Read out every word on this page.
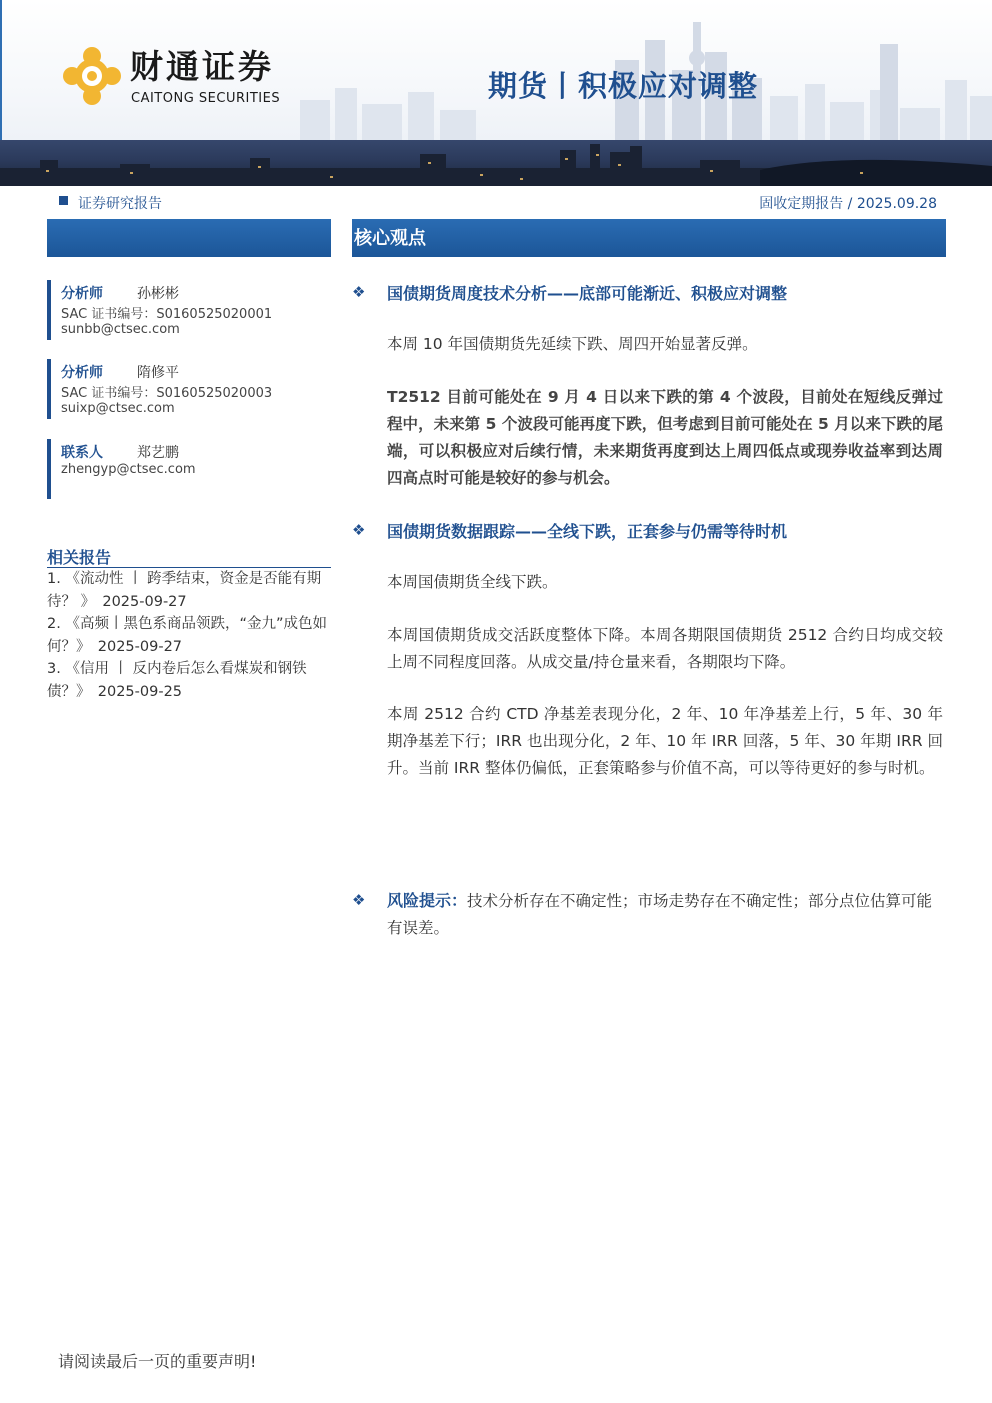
财通证券
CAITONG SECURITIES	期货丨积极应对调整
证券研究报告	固收定期报告 / 2025.09.28
分析师 孙彬彬
SAC 证书编号：S0160525020001
sunbb@ctsec.com
分析师 隋修平
SAC 证书编号：S0160525020003
suixp@ctsec.com
联系人 郑艺鹏
zhengyp@ctsec.com
相关报告

1. 《流动性 丨 跨季结束，资金是否能有期待？ 》　2025-09-27

2. 《高频丨黑色系商品领跌，“金九”成色如何？》　2025-09-27

3. 《信用 丨 反内卷后怎么看煤炭和钢铁债？》　2025-09-25

核心观点
❖ 国债期货周度技术分析——底部可能渐近、积极应对调整
本周 10 年国债期货先延续下跌、周四开始显著反弹。
T2512 目前可能处在 9 月 4 日以来下跌的第 4 个波段，目前处在短线反弹过程中，未来第 5 个波段可能再度下跌，但考虑到目前可能处在 5 月以来下跌的尾端，可以积极应对后续行情，未来期货再度到达上周四低点或现券收益率到达周四高点时可能是较好的参与机会。
❖ 国债期货数据跟踪——全线下跌，正套参与仍需等待时机
本周国债期货全线下跌。
本周国债期货成交活跃度整体下降。本周各期限国债期货 2512 合约日均成交较上周不同程度回落。从成交量/持仓量来看，各期限均下降。
本周 2512 合约 CTD 净基差表现分化，2 年、10 年净基差上行，5 年、30 年期净基差下行；IRR 也出现分化，2 年、10 年 IRR 回落，5 年、30 年期 IRR 回升。当前 IRR 整体仍偏低，正套策略参与价值不高，可以等待更好的参与时机。
❖ 风险提示：技术分析存在不确定性；市场走势存在不确定性；部分点位估算可能有误差。
请阅读最后一页的重要声明!
